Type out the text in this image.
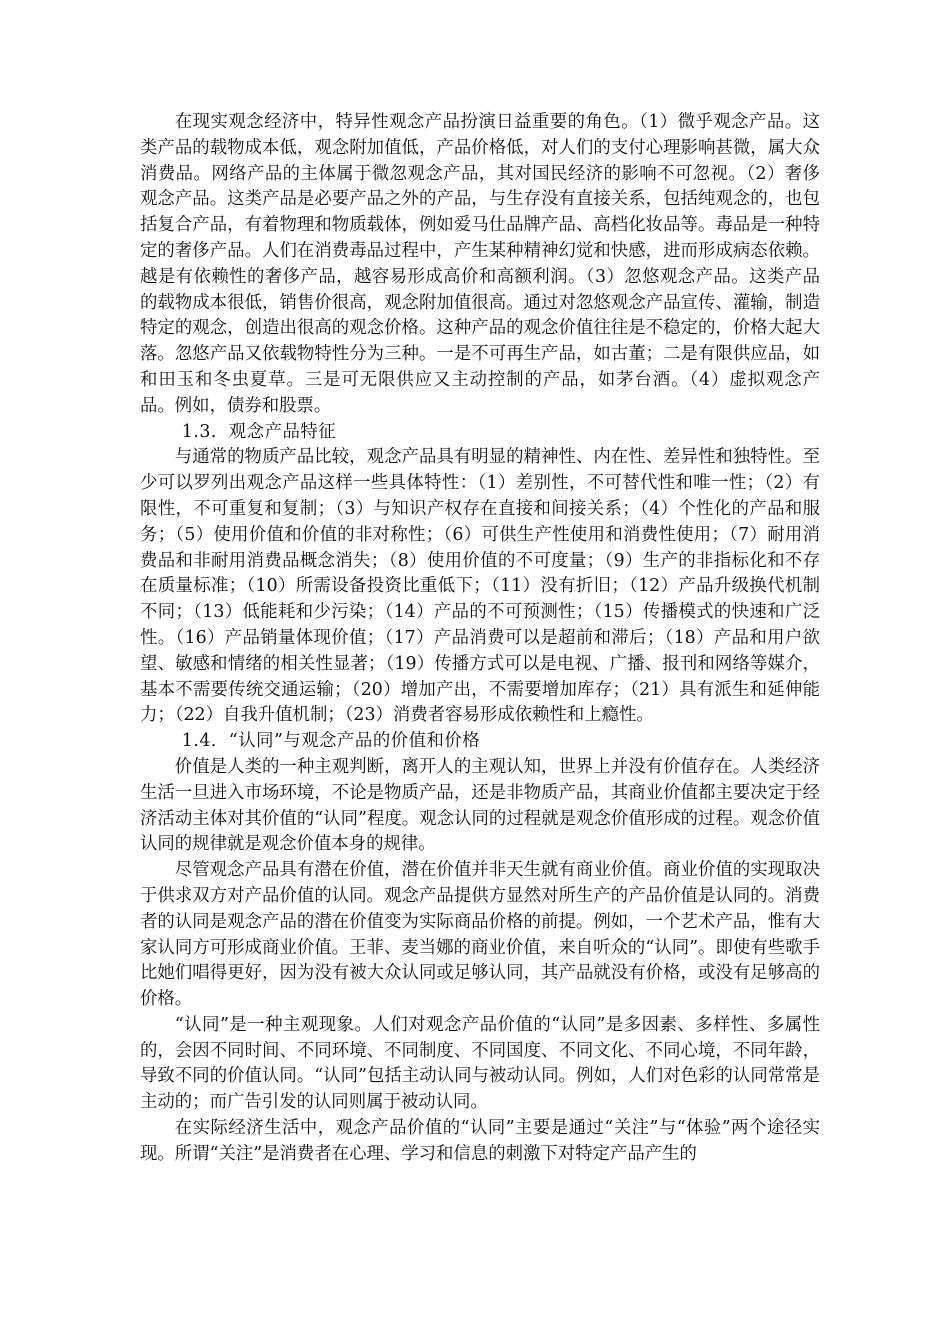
在现实观念经济中，特异性观念产品扮演日益重要的角色。（1）微乎观念产品。这类产品的载物成本低，观念附加值低，产品价格低，对人们的支付心理影响甚微，属大众消费品。网络产品的主体属于微忽观念产品，其对国民经济的影响不可忽视。（2）奢侈观念产品。这类产品是必要产品之外的产品，与生存没有直接关系，包括纯观念的，也包括复合产品，有着物理和物质载体，例如爱马仕品牌产品、高档化妆品等。毒品是一种特定的奢侈产品。人们在消费毒品过程中，产生某种精神幻觉和快感，进而形成病态依赖。越是有依赖性的奢侈产品，越容易形成高价和高额利润。（3）忽悠观念产品。这类产品的载物成本很低，销售价很高，观念附加值很高。通过对忽悠观念产品宣传、灌输，制造特定的观念，创造出很高的观念价格。这种产品的观念价值往往是不稳定的，价格大起大落。忽悠产品又依载物特性分为三种。一是不可再生产品，如古董；二是有限供应品，如和田玉和冬虫夏草。三是可无限供应又主动控制的产品，如茅台酒。（4）虚拟观念产品。例如，债券和股票。

1.3．观念产品特征

与通常的物质产品比较，观念产品具有明显的精神性、内在性、差异性和独特性。至少可以罗列出观念产品这样一些具体特性：（1）差别性，不可替代性和唯一性；（2）有限性，不可重复和复制；（3）与知识产权存在直接和间接关系；（4）个性化的产品和服务；（5）使用价值和价值的非对称性；（6）可供生产性使用和消费性使用；（7）耐用消费品和非耐用消费品概念消失；（8）使用价值的不可度量；（9）生产的非指标化和不存在质量标准；（10）所需设备投资比重低下；（11）没有折旧；（12）产品升级换代机制不同；（13）低能耗和少污染；（14）产品的不可预测性；（15）传播模式的快速和广泛性。（16）产品销量体现价值；（17）产品消费可以是超前和滞后；（18）产品和用户欲望、敏感和情绪的相关性显著；（19）传播方式可以是电视、广播、报刊和网络等媒介，基本不需要传统交通运输；（20）增加产出，不需要增加库存；（21）具有派生和延伸能力；（22）自我升值机制；（23）消费者容易形成依赖性和上瘾性。

1.4．“认同”与观念产品的价值和价格

价值是人类的一种主观判断，离开人的主观认知，世界上并没有价值存在。人类经济生活一旦进入市场环境，不论是物质产品，还是非物质产品，其商业价值都主要决定于经济活动主体对其价值的“认同”程度。观念认同的过程就是观念价值形成的过程。观念价值认同的规律就是观念价值本身的规律。

尽管观念产品具有潜在价值，潜在价值并非天生就有商业价值。商业价值的实现取决于供求双方对产品价值的认同。观念产品提供方显然对所生产的产品价值是认同的。消费者的认同是观念产品的潜在价值变为实际商品价格的前提。例如，一个艺术产品，惟有大家认同方可形成商业价值。王菲、麦当娜的商业价值，来自听众的“认同”。即使有些歌手比她们唱得更好，因为没有被大众认同或足够认同，其产品就没有价格，或没有足够高的价格。

“认同”是一种主观现象。人们对观念产品价值的“认同”是多因素、多样性、多属性的，会因不同时间、不同环境、不同制度、不同国度、不同文化、不同心境，不同年龄，导致不同的价值认同。“认同”包括主动认同与被动认同。例如，人们对色彩的认同常常是主动的；而广告引发的认同则属于被动认同。

在实际经济生活中，观念产品价值的“认同”主要是通过“关注”与“体验”两个途径实现。所谓“关注”是消费者在心理、学习和信息的刺激下对特定产品产生的
